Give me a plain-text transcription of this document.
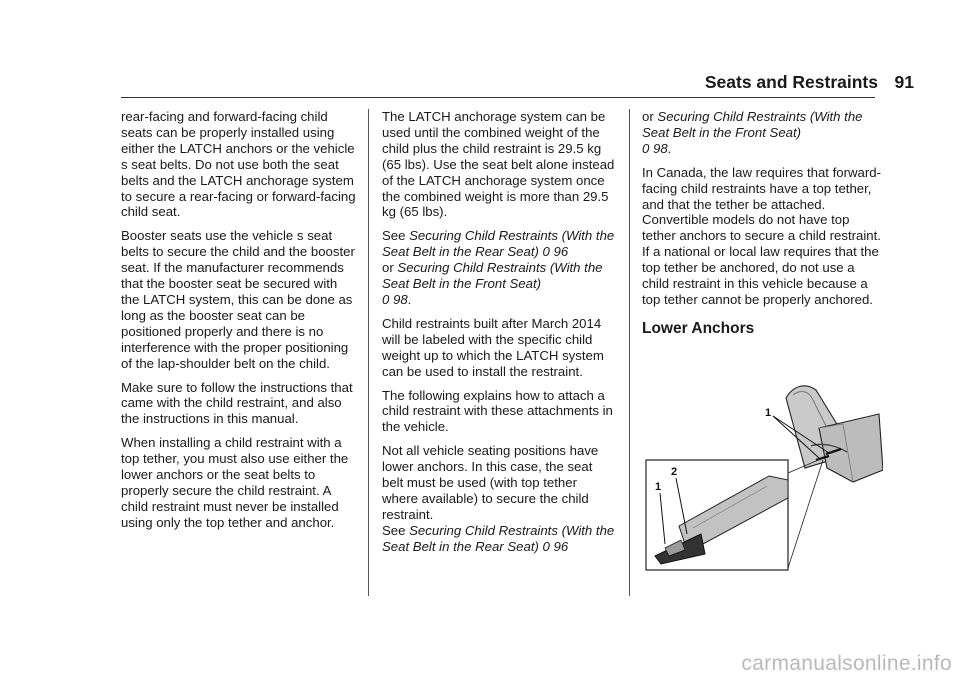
Seats and Restraints 91

rear-facing and forward-facing child seats can be properly installed using either the LATCH anchors or the vehicle s seat belts. Do not use both the seat belts and the LATCH anchorage system to secure a rear-facing or forward-facing child seat.

Booster seats use the vehicle s seat belts to secure the child and the booster seat. If the manufacturer recommends that the booster seat be secured with the LATCH system, this can be done as long as the booster seat can be positioned properly and there is no interference with the proper positioning of the lap-shoulder belt on the child.

Make sure to follow the instructions that came with the child restraint, and also the instructions in this manual.

When installing a child restraint with a top tether, you must also use either the lower anchors or the seat belts to properly secure the child restraint. A child restraint must never be installed using only the top tether and anchor.

The LATCH anchorage system can be used until the combined weight of the child plus the child restraint is 29.5 kg (65 lbs). Use the seat belt alone instead of the LATCH anchorage system once the combined weight is more than 29.5 kg (65 lbs).

See Securing Child Restraints (With the Seat Belt in the Rear Seat) 0 96
or Securing Child Restraints (With the Seat Belt in the Front Seat)
0 98.

Child restraints built after March 2014 will be labeled with the specific child weight up to which the LATCH system can be used to install the restraint.

The following explains how to attach a child restraint with these attachments in the vehicle.

Not all vehicle seating positions have lower anchors. In this case, the seat belt must be used (with top tether where available) to secure the child restraint.
See Securing Child Restraints (With the Seat Belt in the Rear Seat) 0 96

or Securing Child Restraints (With the Seat Belt in the Front Seat)
0 98.

In Canada, the law requires that forward-facing child restraints have a top tether, and that the tether be attached. Convertible models do not have top tether anchors to secure a child restraint. If a national or local law requires that the top tether be anchored, do not use a child restraint in this vehicle because a top tether cannot be properly anchored.

Lower Anchors
1
1
2
carmanualsonline.info
